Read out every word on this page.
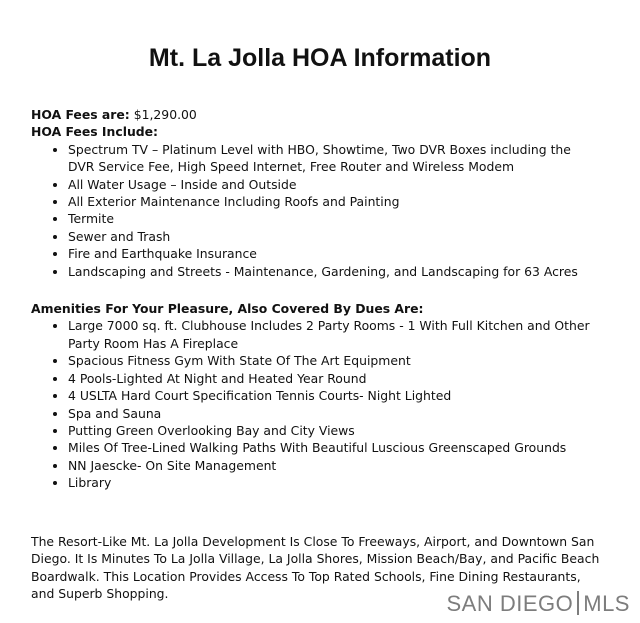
Mt. La Jolla HOA Information
HOA Fees are: $1,290.00
HOA Fees Include:
• Spectrum TV – Platinum Level with HBO, Showtime, Two DVR Boxes including the DVR Service Fee, High Speed Internet, Free Router and Wireless Modem
• All Water Usage – Inside and Outside
• All Exterior Maintenance Including Roofs and Painting
• Termite
• Sewer and Trash
• Fire and Earthquake Insurance
• Landscaping and Streets - Maintenance, Gardening, and Landscaping for 63 Acres
Amenities For Your Pleasure, Also Covered By Dues Are:
• Large 7000 sq. ft. Clubhouse Includes 2 Party Rooms - 1 With Full Kitchen and Other Party Room Has A Fireplace
• Spacious Fitness Gym With State Of The Art Equipment
• 4 Pools-Lighted At Night and Heated Year Round
• 4 USLTA Hard Court Specification Tennis Courts- Night Lighted
• Spa and Sauna
• Putting Green Overlooking Bay and City Views
• Miles Of Tree-Lined Walking Paths With Beautiful Luscious Greenscaped Grounds
• NN Jaescke- On Site Management
• Library
The Resort-Like Mt. La Jolla Development Is Close To Freeways, Airport, and Downtown San Diego. It Is Minutes To La Jolla Village, La Jolla Shores, Mission Beach/Bay, and Pacific Beach Boardwalk. This Location Provides Access To Top Rated Schools, Fine Dining Restaurants, and Superb Shopping.	SAN DIEGO MLS
